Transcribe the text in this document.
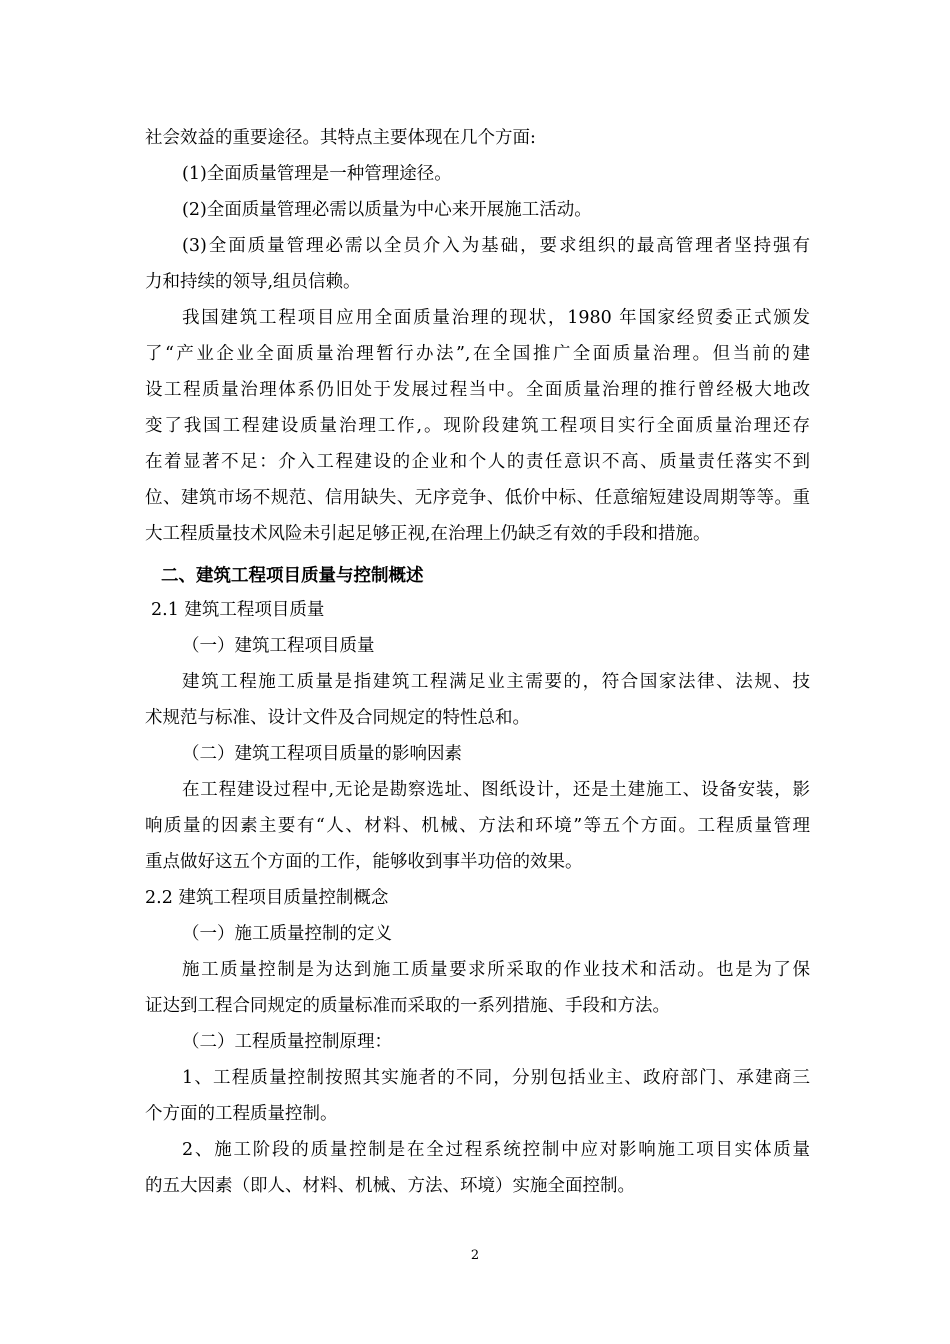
社会效益的重要途径。其特点主要体现在几个方面:
(1)全面质量管理是一种管理途径。
(2)全面质量管理必需以质量为中心来开展施工活动。
(3)全面质量管理必需以全员介入为基础，要求组织的最高管理者坚持强有
力和持续的领导,组员信赖。
我国建筑工程项目应用全面质量治理的现状，1980 年国家经贸委正式颁发
了“产业企业全面质量治理暂行办法”,在全国推广全面质量治理。但当前的建
设工程质量治理体系仍旧处于发展过程当中。全面质量治理的推行曾经极大地改
变了我国工程建设质量治理工作,。现阶段建筑工程项目实行全面质量治理还存
在着显著不足：介入工程建设的企业和个人的责任意识不高、质量责任落实不到
位、建筑市场不规范、信用缺失、无序竞争、低价中标、任意缩短建设周期等等。重
大工程质量技术风险未引起足够正视,在治理上仍缺乏有效的手段和措施。
二、建筑工程项目质量与控制概述
2.1 建筑工程项目质量
（一）建筑工程项目质量
建筑工程施工质量是指建筑工程满足业主需要的，符合国家法律、法规、技
术规范与标准、设计文件及合同规定的特性总和。
（二）建筑工程项目质量的影响因素
在工程建设过程中,无论是勘察选址、图纸设计，还是土建施工、设备安装，影
响质量的因素主要有“人、材料、机械、方法和环境”等五个方面。工程质量管理
重点做好这五个方面的工作，能够收到事半功倍的效果。
2.2 建筑工程项目质量控制概念
（一）施工质量控制的定义
施工质量控制是为达到施工质量要求所采取的作业技术和活动。也是为了保
证达到工程合同规定的质量标准而采取的一系列措施、手段和方法。
（二）工程质量控制原理：
1、工程质量控制按照其实施者的不同，分别包括业主、政府部门、承建商三
个方面的工程质量控制。
2、施工阶段的质量控制是在全过程系统控制中应对影响施工项目实体质量
的五大因素（即人、材料、机械、方法、环境）实施全面控制。
2
